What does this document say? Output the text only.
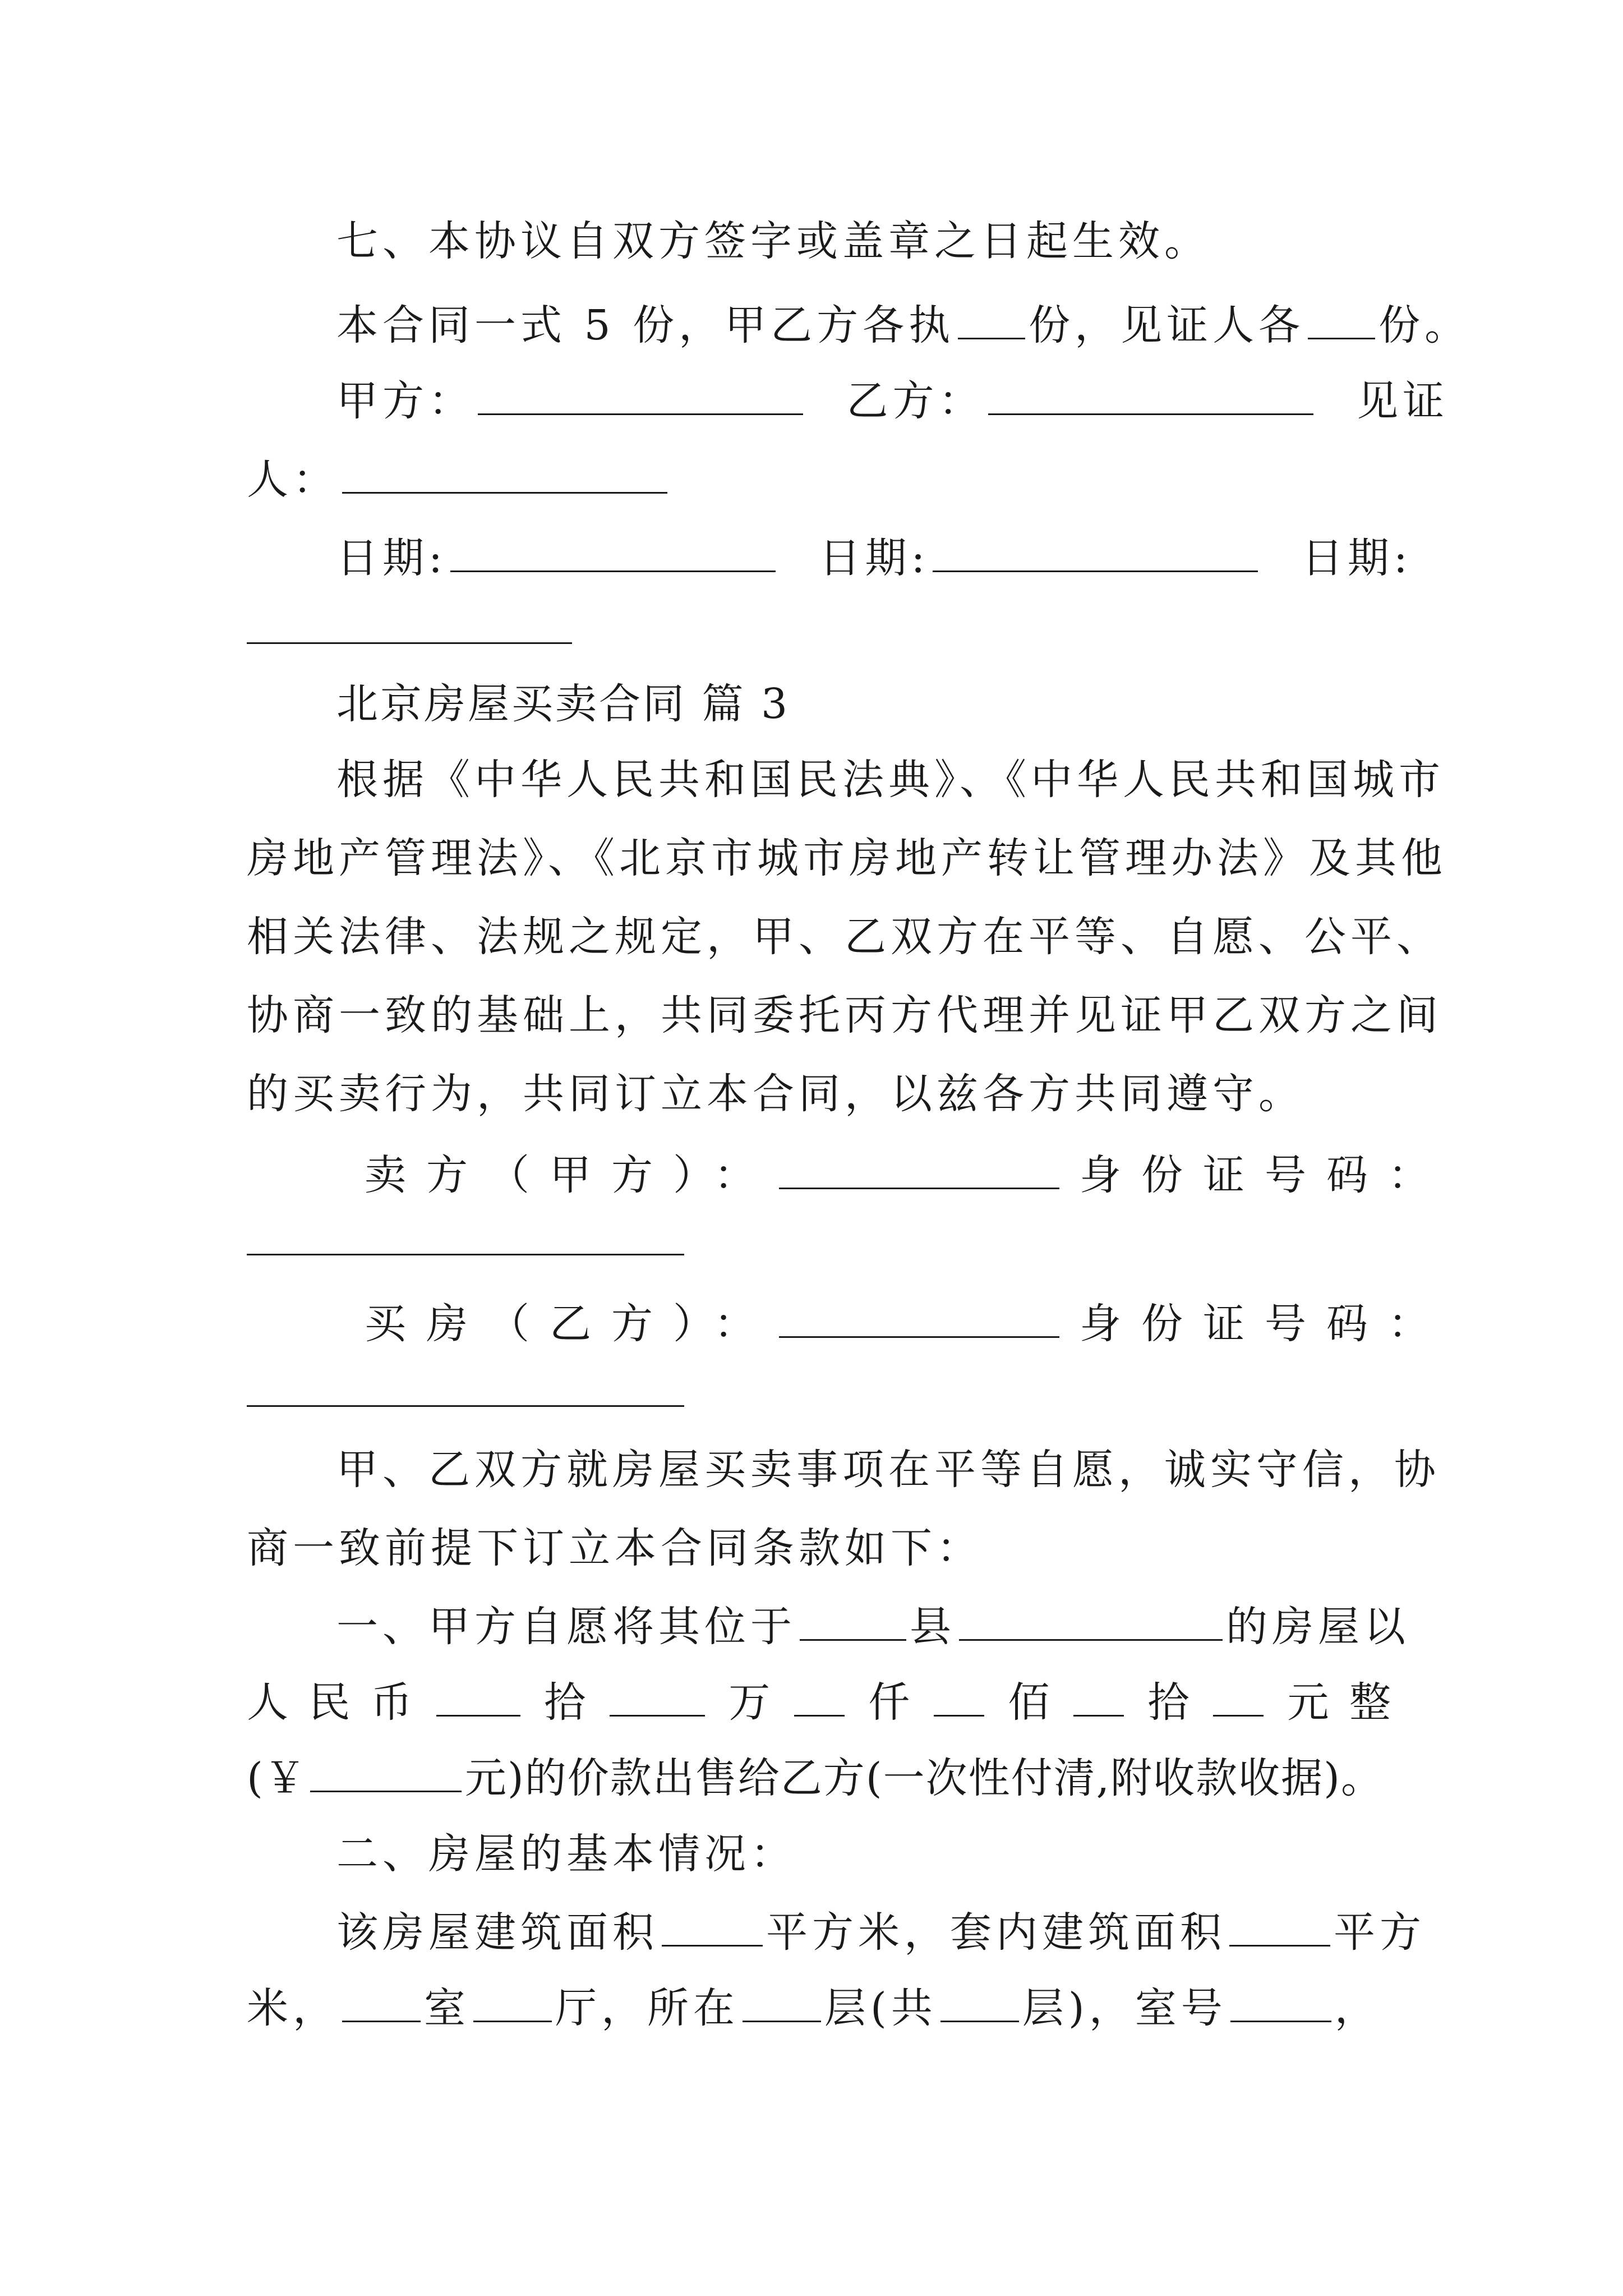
七、本协议自双方签字或盖章之日起生效。
本合同一式 5 份，甲乙方各执 份，见证人各 份。
甲方：	乙方：	见证
人：
日期:	日期:	日期:
北京房屋买卖合同 篇 3
根据《中华人民共和国民法典》、《中华人民共和国城市
房地产管理法》、《北京市城市房地产转让管理办法》及其他
相关法律、法规之规定，甲、乙双方在平等、自愿、公平、
协商一致的基础上，共同委托丙方代理并见证甲乙双方之间
的买卖行为，共同订立本合同，以兹各方共同遵守。
卖方（甲方）：	身份证号码：
买房（乙方）：	身份证号码：
甲、乙双方就房屋买卖事项在平等自愿，诚实守信，协
商一致前提下订立本合同条款如下：
一、甲方自愿将其位于	县	的房屋以
人 民 币	拾	万 仟 佰 拾 元 整
(￥	元)的价款出售给乙方(一次性付清,附收款收据)。
二、房屋的基本情况：
该房屋建筑面积	平方米，套内建筑面积	平方
米， 室 厅，所在 层(共 层)，室号	，
